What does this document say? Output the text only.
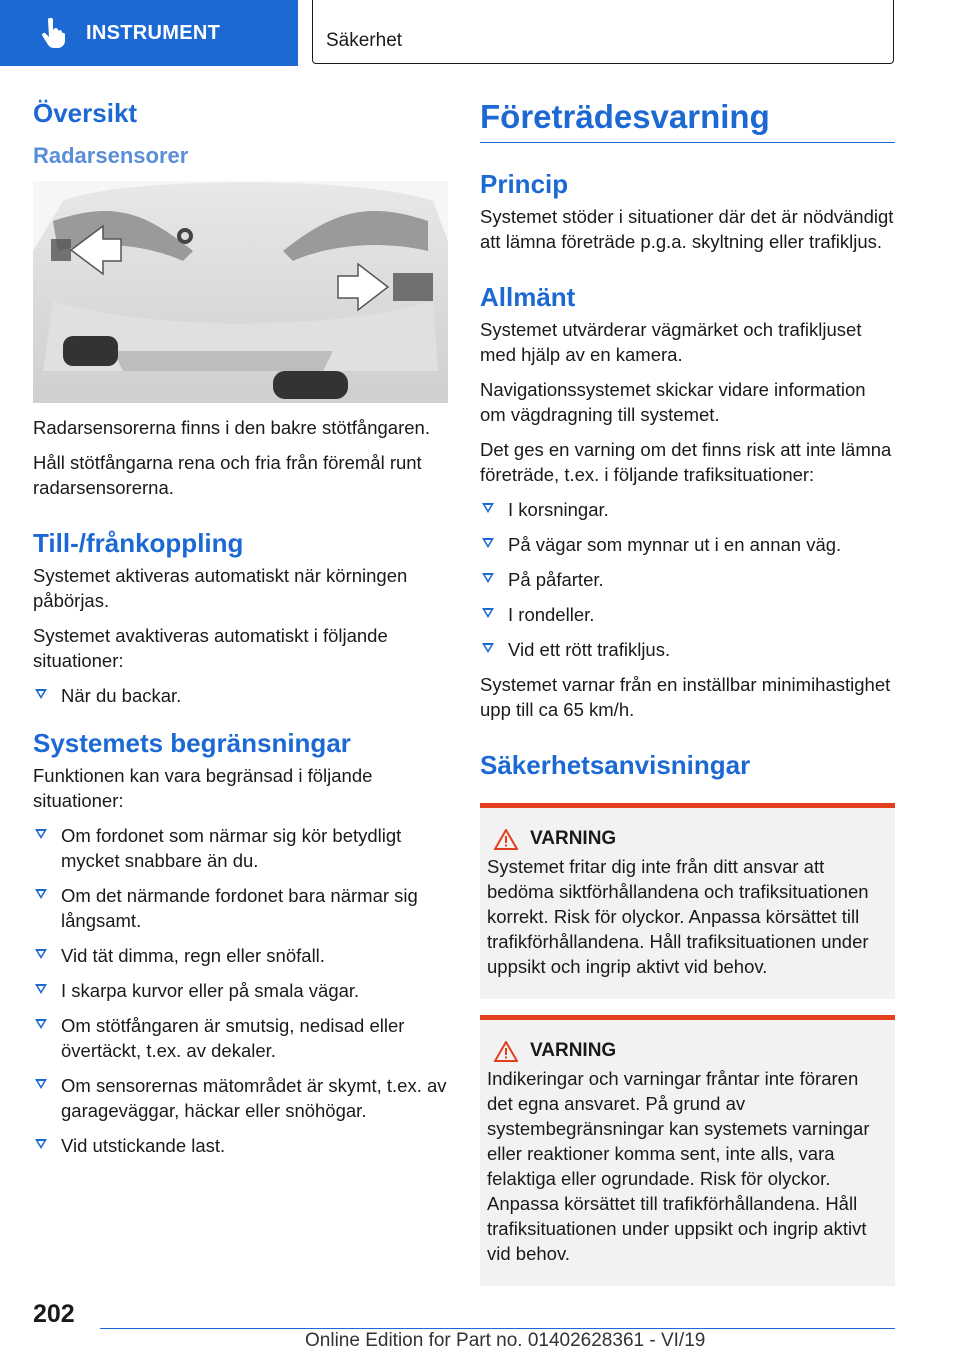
INSTRUMENT	Säkerhet
Översikt
Radarsensorer

Radarsensorerna finns i den bakre stötfångaren.

Håll stötfångarna rena och fria från föremål runt radarsensorerna.

Till-/frånkoppling

Systemet aktiveras automatiskt när körningen påbörjas.

Systemet avaktiveras automatiskt i följande situationer:

När du backar.
Systemets begränsningar

Funktionen kan vara begränsad i följande situationer:

Om fordonet som närmar sig kör betydligt mycket snabbare än du.
Om det närmande fordonet bara närmar sig långsamt.
Vid tät dimma, regn eller snöfall.
I skarpa kurvor eller på smala vägar.
Om stötfångaren är smutsig, nedisad eller övertäckt, t.ex. av dekaler.
Om sensorernas mätområdet är skymt, t.ex. av garageväggar, häckar eller snöhögar.
Vid utstickande last.
Företrädesvarning
Princip

Systemet stöder i situationer där det är nödvändigt att lämna företräde p.g.a. skyltning eller trafikljus.

Allmänt

Systemet utvärderar vägmärket och trafikljuset med hjälp av en kamera.

Navigationssystemet skickar vidare information om vägdragning till systemet.

Det ges en varning om det finns risk att inte lämna företräde, t.ex. i följande trafiksituationer:

I korsningar.
På vägar som mynnar ut i en annan väg.
På påfarter.
I rondeller.
Vid ett rött trafikljus.

Systemet varnar från en inställbar minimihastighet upp till ca 65 km/h.

Säkerhetsanvisningar
VARNING

Systemet fritar dig inte från ditt ansvar att bedöma siktförhållandena och trafiksituationen korrekt. Risk för olyckor. Anpassa körsättet till trafikförhållandena. Håll trafiksituationen under uppsikt och ingrip aktivt vid behov.

VARNING

Indikeringar och varningar fråntar inte föraren det egna ansvaret. På grund av systembegränsningar kan systemets varningar eller reaktioner komma sent, inte alls, vara felaktiga eller ogrundade. Risk för olyckor. Anpassa körsättet till trafikförhållandena. Håll trafiksituationen under uppsikt och ingrip aktivt vid behov.

202
Online Edition for Part no. 01402628361 - VI/19
